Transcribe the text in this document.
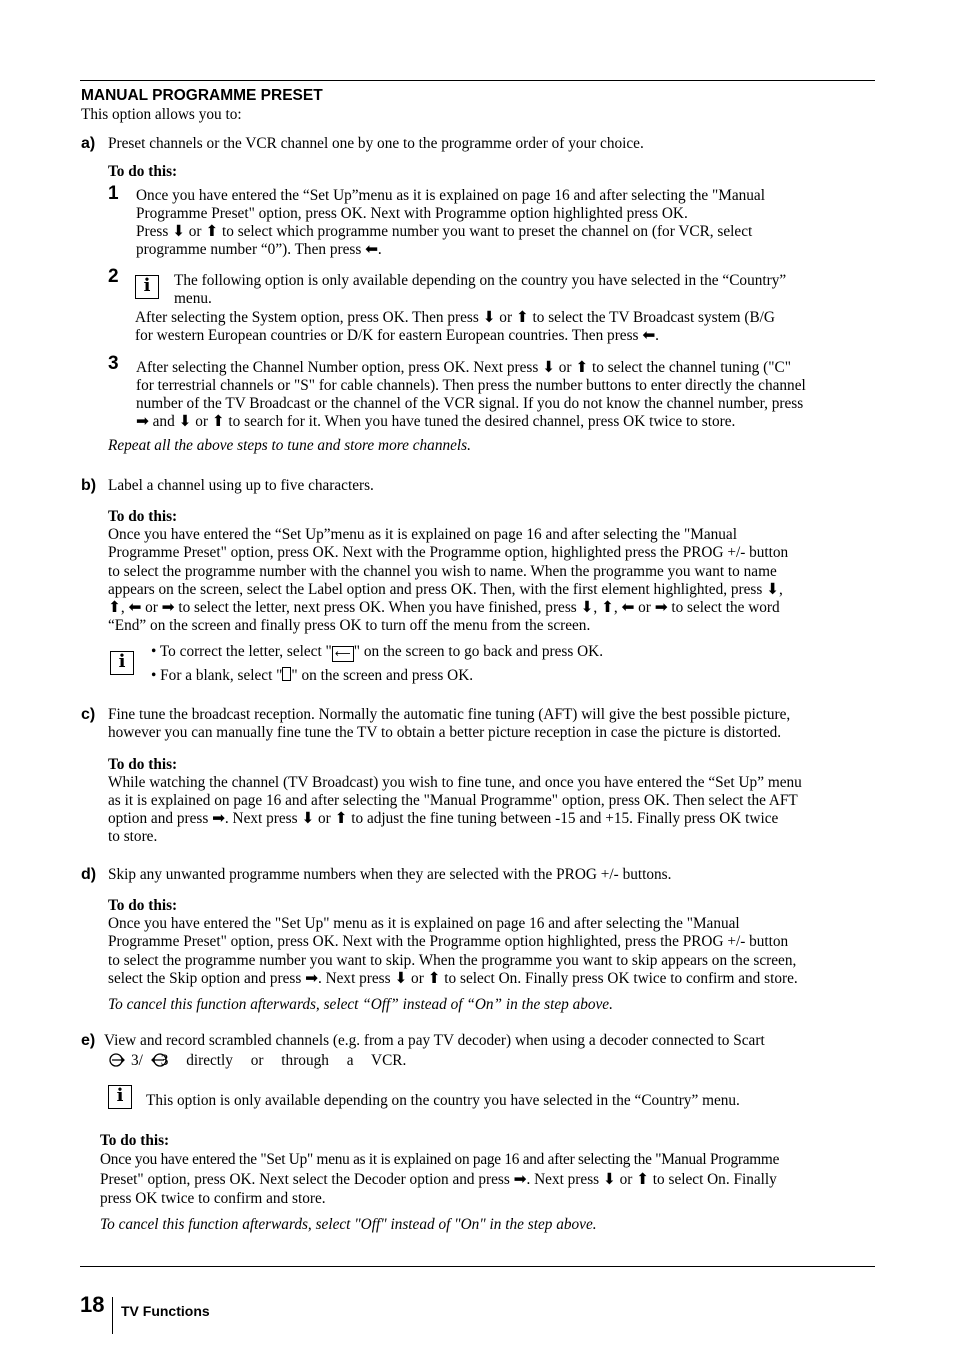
MANUAL PROGRAMME PRESET
This option allows you to:
a) Preset channels or the VCR channel one by one to the programme order of your choice.
To do this:
1 Once you have entered the “Set Up”menu as it is explained on page 16 and after selecting the "Manual
Programme Preset" option, press OK. Next with Programme option highlighted press OK.
Press ⬇ or ⬆ to select which programme number you want to preset the channel on (for VCR, select
programme number “0”). Then press ⬅.
2	i	The following option is only available depending on the country you have selected in the “Country”
menu.
After selecting the System option, press OK. Then press ⬇ or ⬆ to select the TV Broadcast system (B/G
for western European countries or D/K for eastern European countries. Then press ⬅.
3 After selecting the Channel Number option, press OK. Next press ⬇ or ⬆ to select the channel tuning ("C"
for terrestrial channels or "S" for cable channels). Then press the number buttons to enter directly the channel
number of the TV Broadcast or the channel of the VCR signal. If you do not know the channel number, press
➡ and ⬇ or ⬆ to search for it. When you have tuned the desired channel, press OK twice to store.
Repeat all the above steps to tune and store more channels.
b) Label a channel using up to five characters.
To do this:
Once you have entered the “Set Up”menu as it is explained on page 16 and after selecting the "Manual
Programme Preset" option, press OK. Next with the Programme option, highlighted press the PROG +/- button
to select the programme number with the channel you wish to name. When the programme you want to name
appears on the screen, select the Label option and press OK. Then, with the first element highlighted, press ⬇,
⬆, ⬅ or ➡ to select the letter, next press OK. When you have finished, press ⬇, ⬆, ⬅ or ➡ to select the word
“End” on the screen and finally press OK to turn off the menu from the screen.
i	• To correct the letter, select " ⟵ " on the screen to go back and press OK.
• For a blank, select " " on the screen and press OK.
c) Fine tune the broadcast reception. Normally the automatic fine tuning (AFT) will give the best possible picture,
however you can manually fine tune the TV to obtain a better picture reception in case the picture is distorted.
To do this:
While watching the channel (TV Broadcast) you wish to fine tune, and once you have entered the “Set Up” menu
as it is explained on page 16 and after selecting the "Manual Programme" option, press OK. Then select the AFT
option and press ➡. Next press ⬇ or ⬆ to adjust the fine tuning between -15 and +15. Finally press OK twice
to store.
d) Skip any unwanted programme numbers when they are selected with the PROG +/- buttons.
To do this:
Once you have entered the "Set Up" menu as it is explained on page 16 and after selecting the "Manual
Programme Preset" option, press OK. Next with the Programme option highlighted, press the PROG +/- button
to select the programme number you want to skip. When the programme you want to skip appears on the screen,
select the Skip option and press ➡. Next press ⬇ or ⬆ to select On. Finally press OK twice to confirm and store.
To cancel this function afterwards, select “Off” instead of “On” in the step above.
e) View and record scrambled channels (e.g. from a pay TV decoder) when using a decoder connected to Scart
3/ 3 directly or through a VCR.
i	This option is only available depending on the country you have selected in the “Country” menu.
To do this:
Once you have entered the "Set Up" menu as it is explained on page 16 and after selecting the "Manual Programme
Preset" option, press OK. Next select the Decoder option and press ➡. Next press ⬇ or ⬆ to select On. Finally
press OK twice to confirm and store.
To cancel this function afterwards, select "Off" instead of "On" in the step above.
18 TV Functions
